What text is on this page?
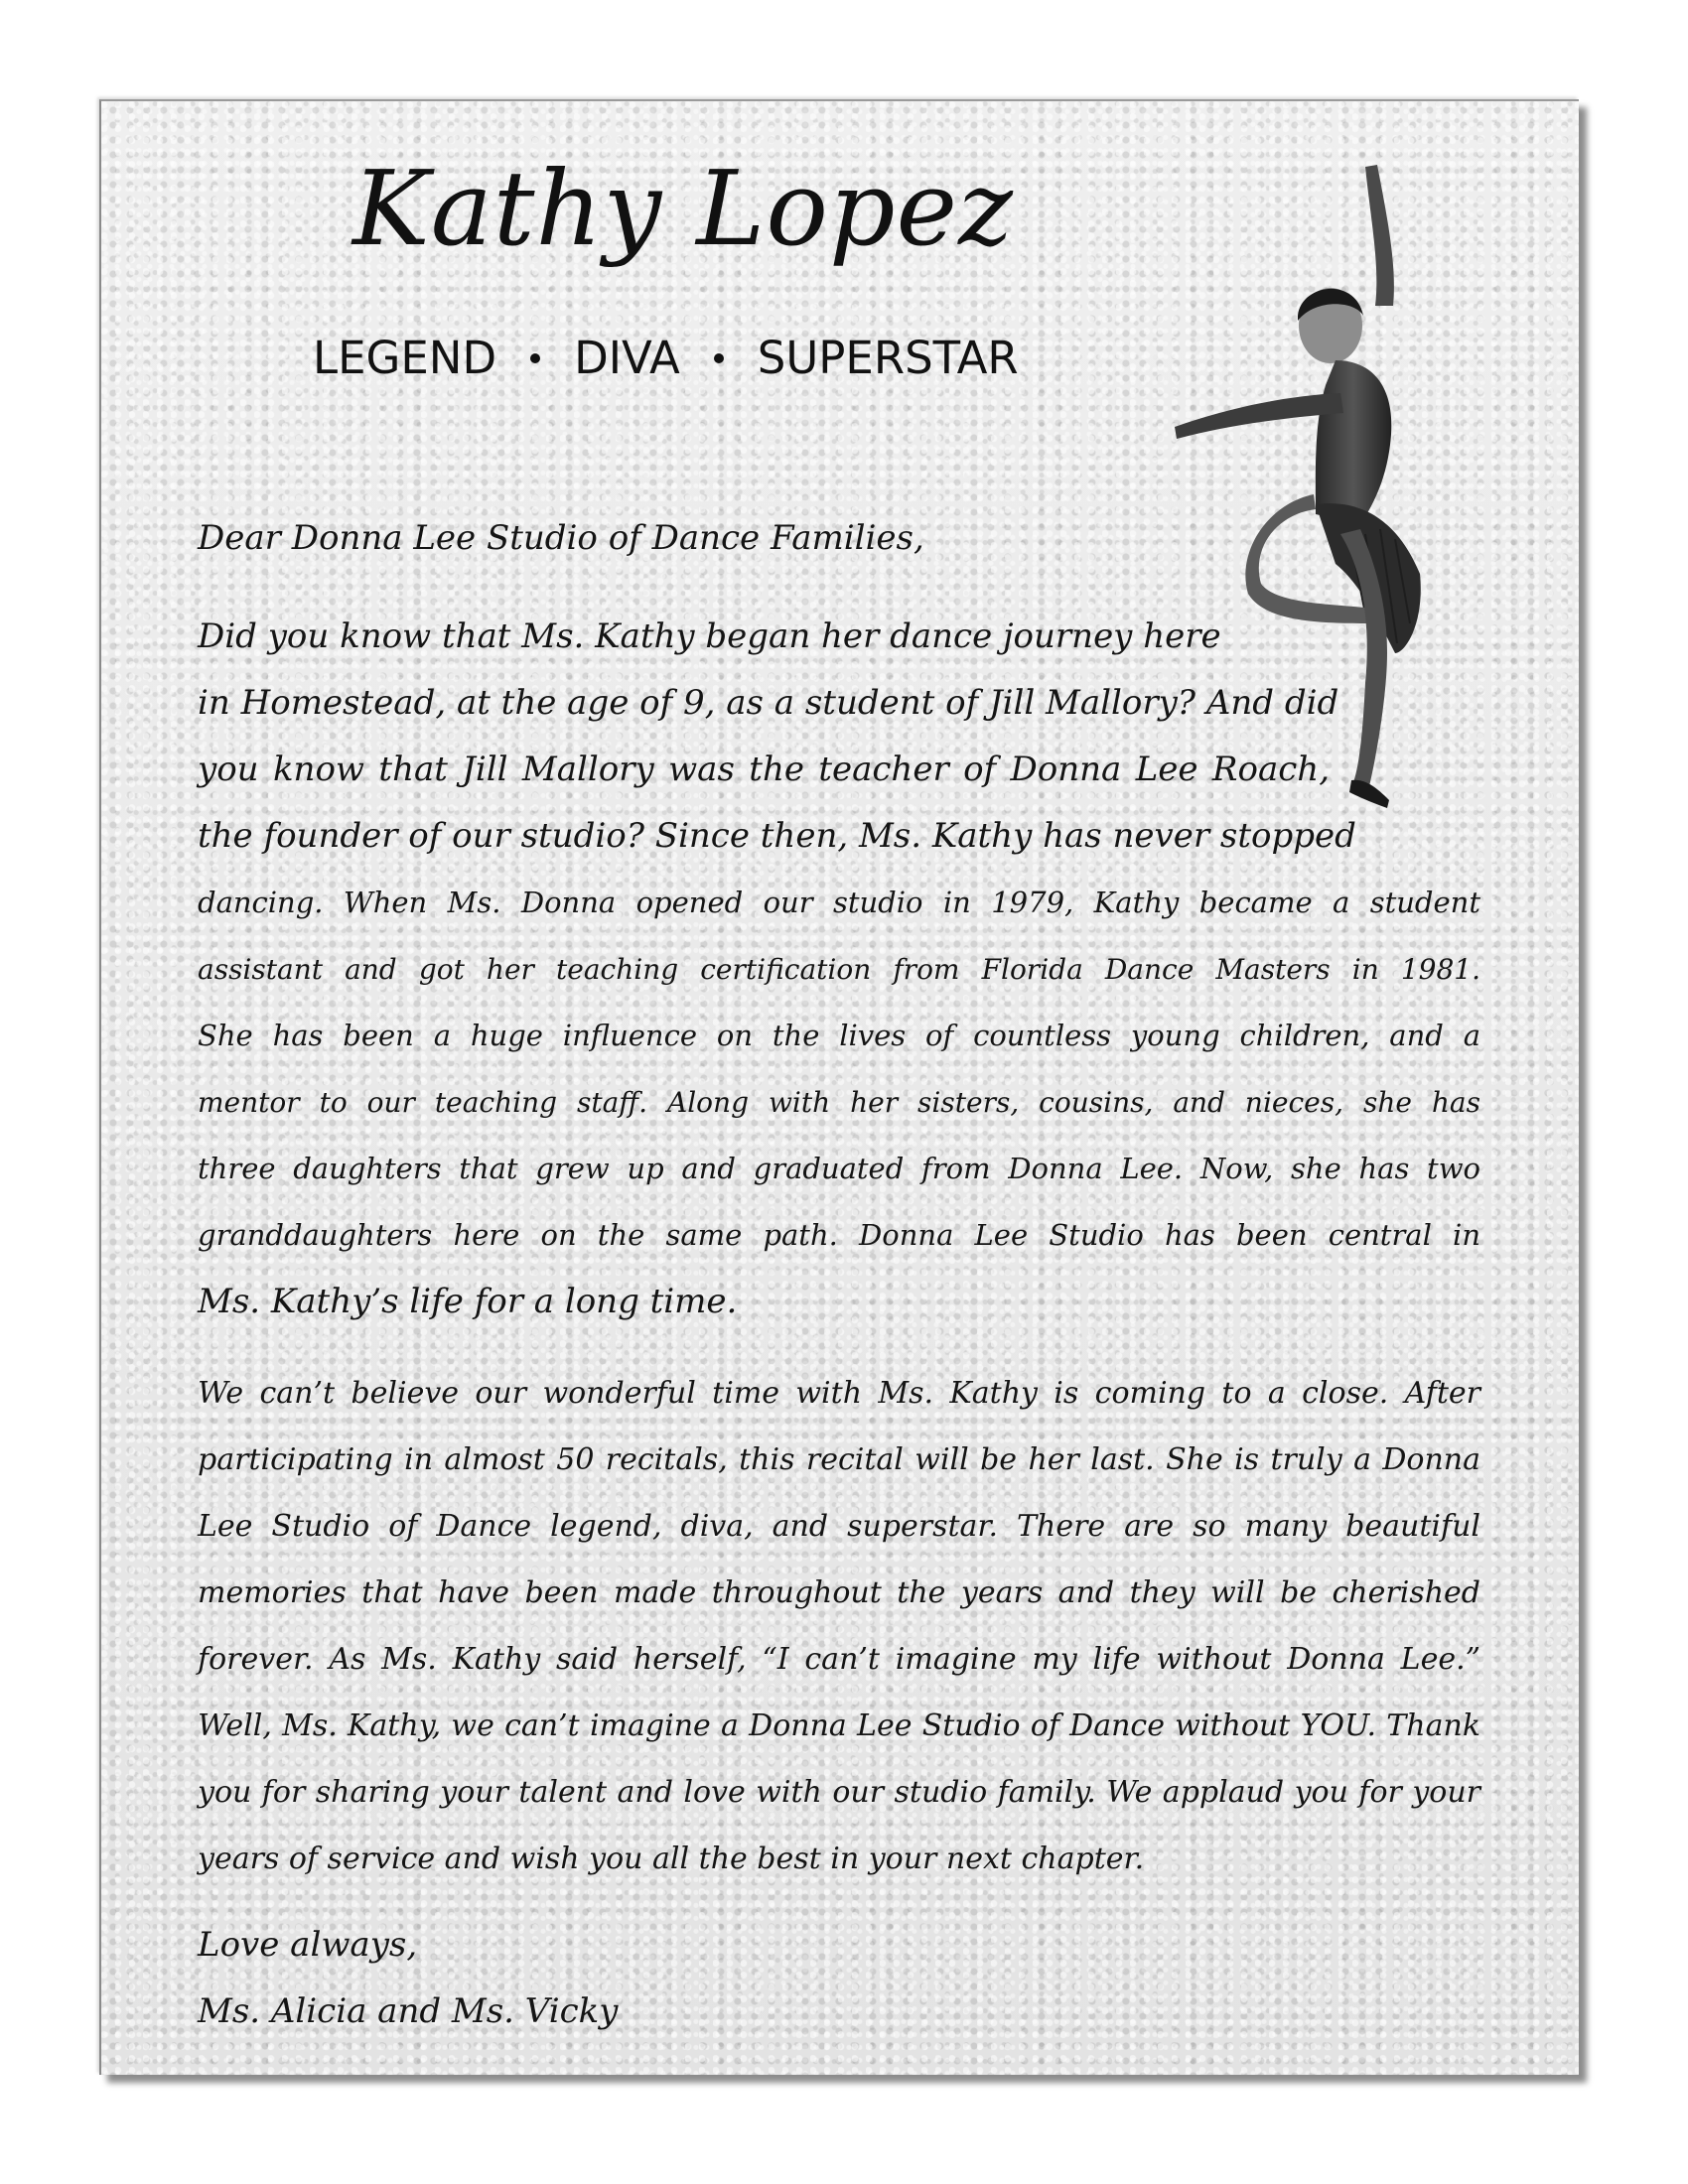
Kathy Lopez
LEGEND DIVA SUPERSTAR
Dear Donna Lee Studio of Dance Families,
Did you know that Ms. Kathy began her dance journey here
in Homestead, at the age of 9, as a student of Jill Mallory? And did
you know that Jill Mallory was the teacher of Donna Lee Roach,
the founder of our studio? Since then, Ms. Kathy has never stopped
dancing. When Ms. Donna opened our studio in 1979, Kathy became a student
assistant and got her teaching certification from Florida Dance Masters in 1981.
She has been a huge influence on the lives of countless young children, and a
mentor to our teaching staff. Along with her sisters, cousins, and nieces, she has
three daughters that grew up and graduated from Donna Lee. Now, she has two
granddaughters here on the same path. Donna Lee Studio has been central in
Ms. Kathy’s life for a long time.
We can’t believe our wonderful time with Ms. Kathy is coming to a close. After participating in almost 50 recitals, this recital will be her last. She is truly a Donna Lee Studio of Dance legend, diva, and superstar. There are so many beautiful memories that have been made throughout the years and they will be cherished forever. As Ms. Kathy said herself, “I can’t imagine my life without Donna Lee.” Well, Ms. Kathy, we can’t imagine a Donna Lee Studio of Dance without YOU. Thank you for sharing your talent and love with our studio family. We applaud you for your years of service and wish you all the best in your next chapter.
Love always,
Ms. Alicia and Ms. Vicky
